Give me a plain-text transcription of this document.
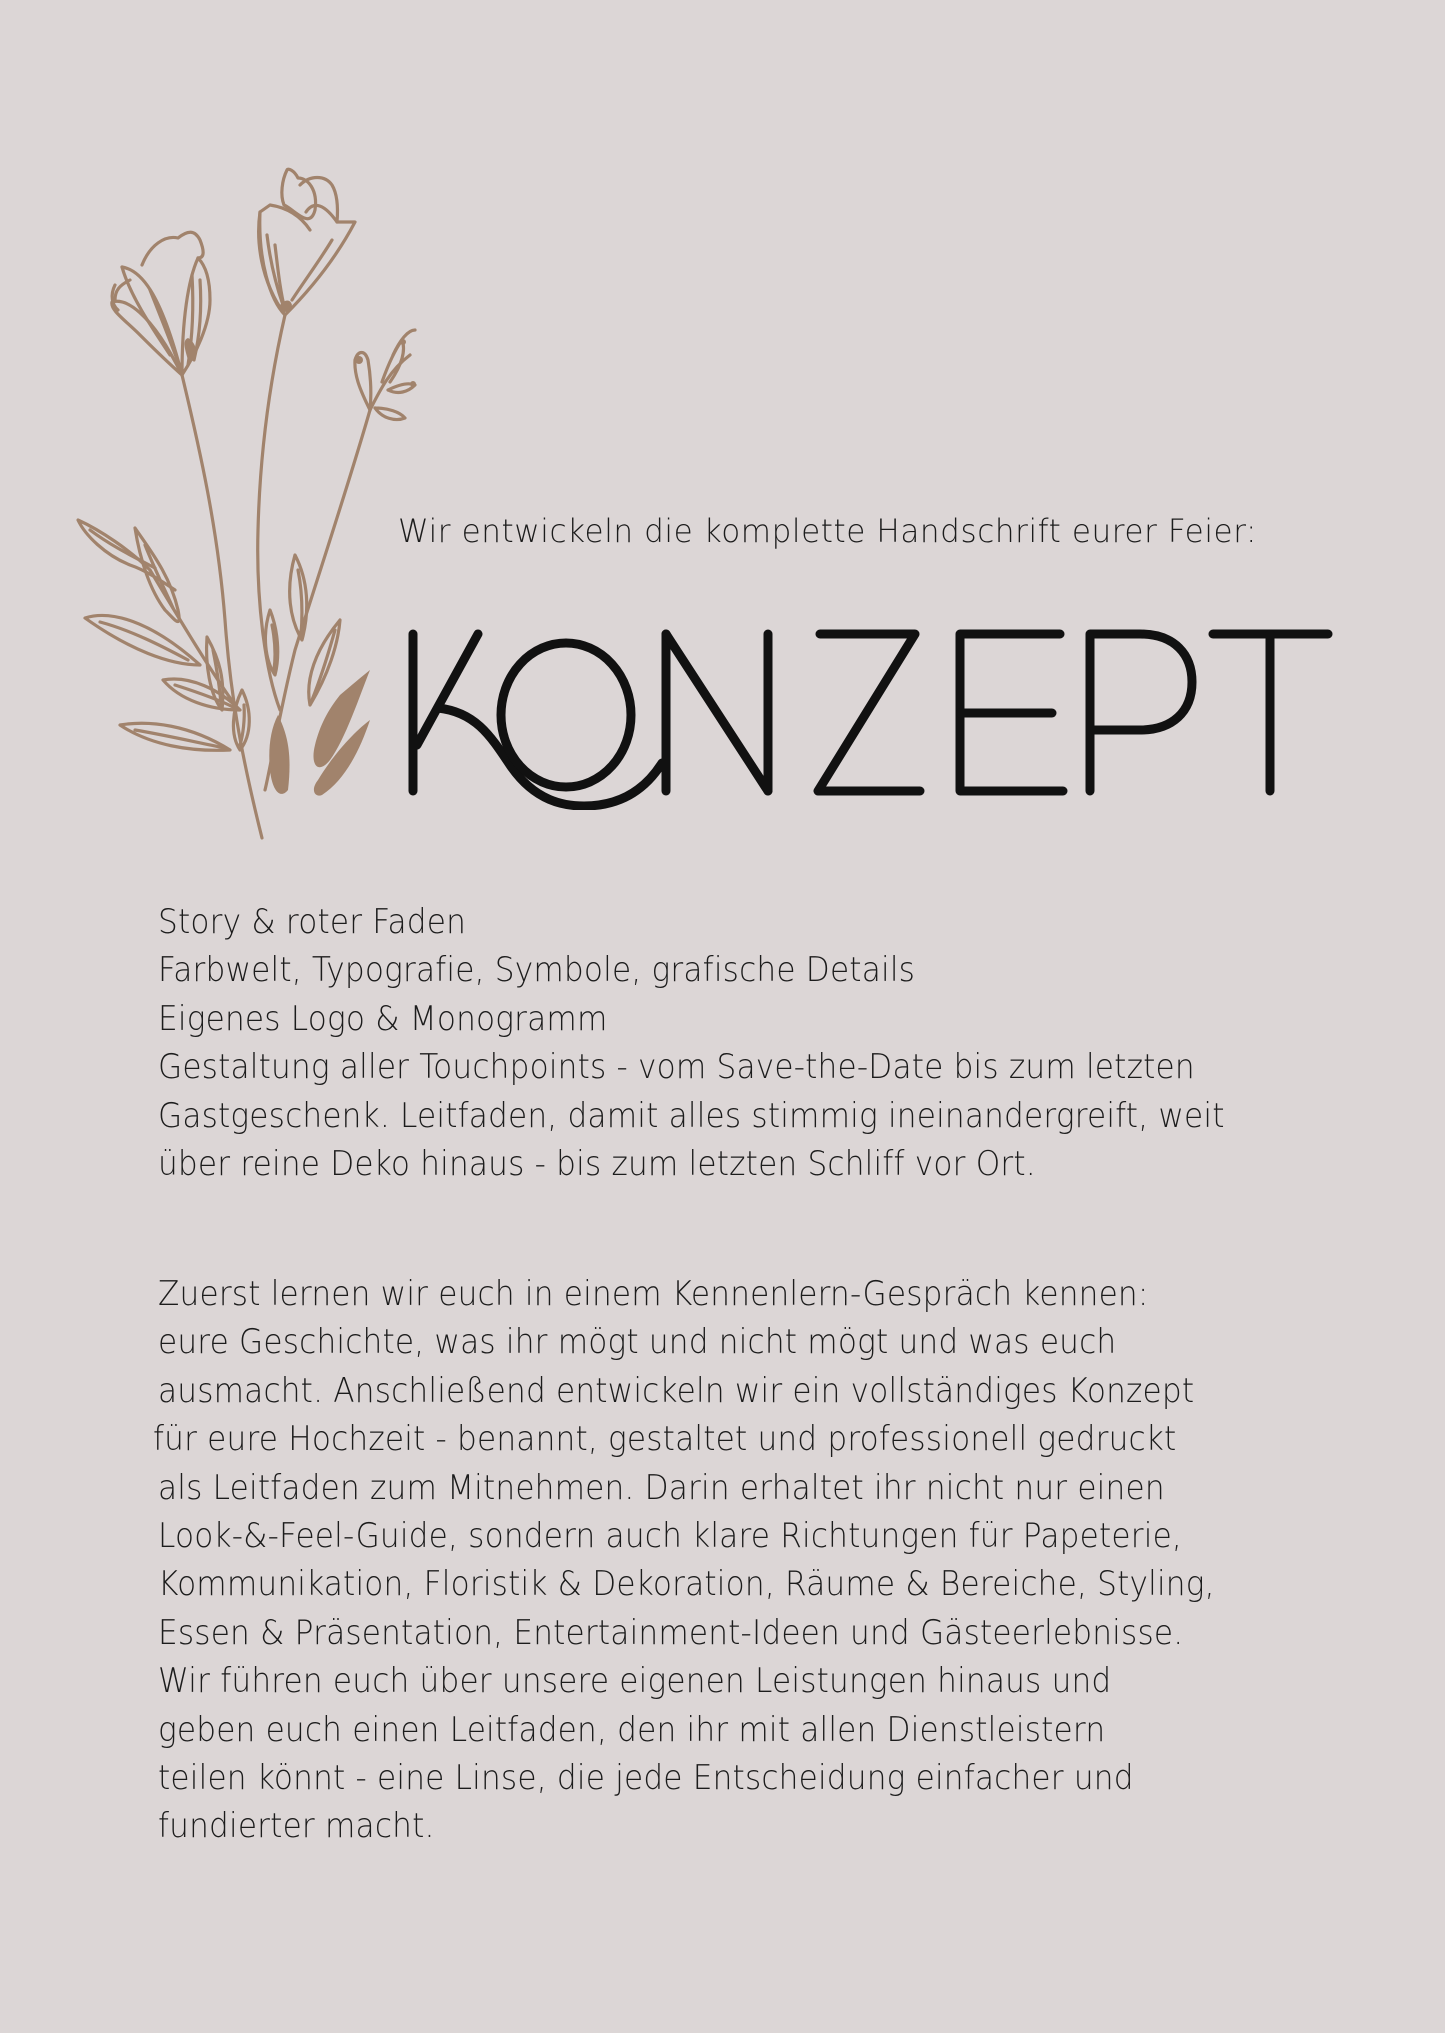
Wir entwickeln die komplette Handschrift eurer Feier:
Story & roter Faden
Farbwelt, Typografie, Symbole, grafische Details
Eigenes Logo & Monogramm
Gestaltung aller Touchpoints - vom Save-the-Date bis zum letzten
Gastgeschenk. Leitfaden, damit alles stimmig ineinandergreift, weit
über reine Deko hinaus - bis zum letzten Schliff vor Ort.
Zuerst lernen wir euch in einem Kennenlern-Gespräch kennen:
eure Geschichte, was ihr mögt und nicht mögt und was euch
ausmacht. Anschließend entwickeln wir ein vollständiges Konzept
für eure Hochzeit - benannt, gestaltet und professionell gedruckt
als Leitfaden zum Mitnehmen. Darin erhaltet ihr nicht nur einen
Look-&-Feel-Guide, sondern auch klare Richtungen für Papeterie,
Kommunikation, Floristik & Dekoration, Räume & Bereiche, Styling,
Essen & Präsentation, Entertainment-Ideen und Gästeerlebnisse.
Wir führen euch über unsere eigenen Leistungen hinaus und
geben euch einen Leitfaden, den ihr mit allen Dienstleistern
teilen könnt - eine Linse, die jede Entscheidung einfacher und
fundierter macht.
